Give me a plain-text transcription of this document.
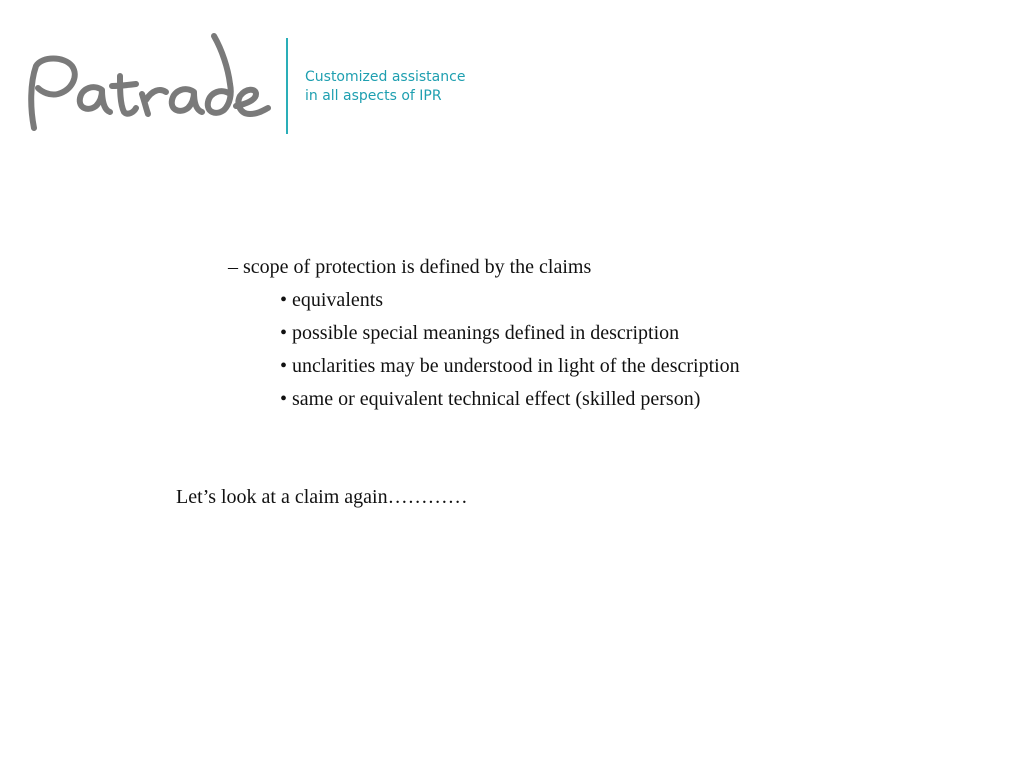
Customized assistance
in all aspects of IPR
– scope of protection is defined by the claims
• equivalents
• possible special meanings defined in description
• unclarities may be understood in light of the description
• same or equivalent technical effect (skilled person)
Let’s look at a claim again…………
